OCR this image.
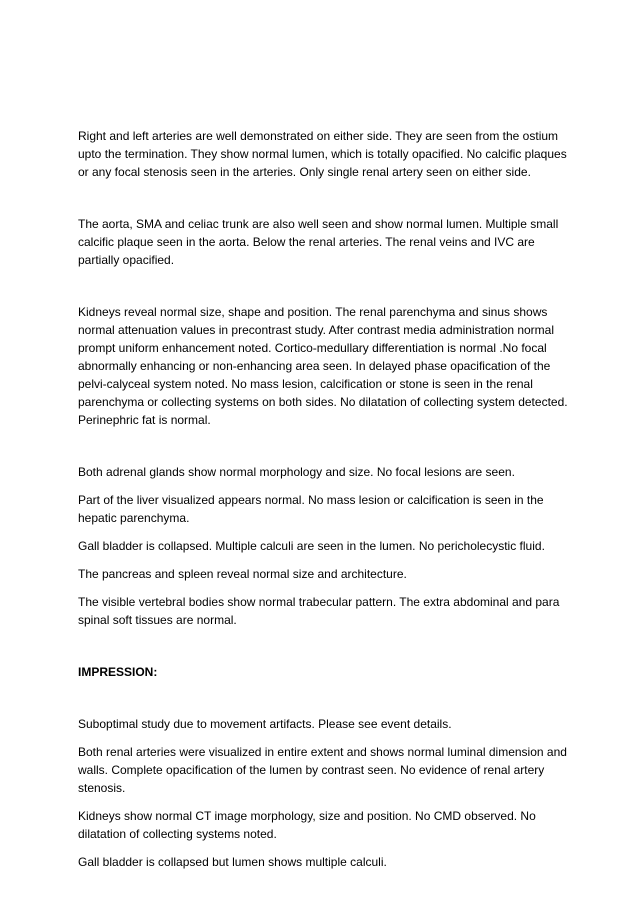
Right and left arteries are well demonstrated on either side. They are seen from the ostium upto the termination. They show normal lumen, which is totally opacified. No calcific plaques or any focal stenosis seen in the arteries. Only single renal artery seen on either side.

The aorta, SMA and celiac trunk are also well seen and show normal lumen. Multiple small calcific plaque seen in the aorta. Below the renal arteries. The renal veins and IVC are partially opacified.

Kidneys reveal normal size, shape and position. The renal parenchyma and sinus shows normal attenuation values in precontrast study. After contrast media administration normal prompt uniform enhancement noted. Cortico-medullary differentiation is normal .No focal abnormally enhancing or non-enhancing area seen. In delayed phase opacification of the pelvi-calyceal system noted. No mass lesion, calcification or stone is seen in the renal parenchyma or collecting systems on both sides. No dilatation of collecting system detected. Perinephric fat is normal.

Both adrenal glands show normal morphology and size. No focal lesions are seen.

Part of the liver visualized appears normal. No mass lesion or calcification is seen in the hepatic parenchyma.

Gall bladder is collapsed. Multiple calculi are seen in the lumen. No pericholecystic fluid.

The pancreas and spleen reveal normal size and architecture.

The visible vertebral bodies show normal trabecular pattern. The extra abdominal and para spinal soft tissues are normal.

IMPRESSION:

Suboptimal study due to movement artifacts. Please see event details.

Both renal arteries were visualized in entire extent and shows normal luminal dimension and walls. Complete opacification of the lumen by contrast seen. No evidence of renal artery stenosis.

Kidneys show normal CT image morphology, size and position. No CMD observed. No dilatation of collecting systems noted.

Gall bladder is collapsed but lumen shows multiple calculi.
